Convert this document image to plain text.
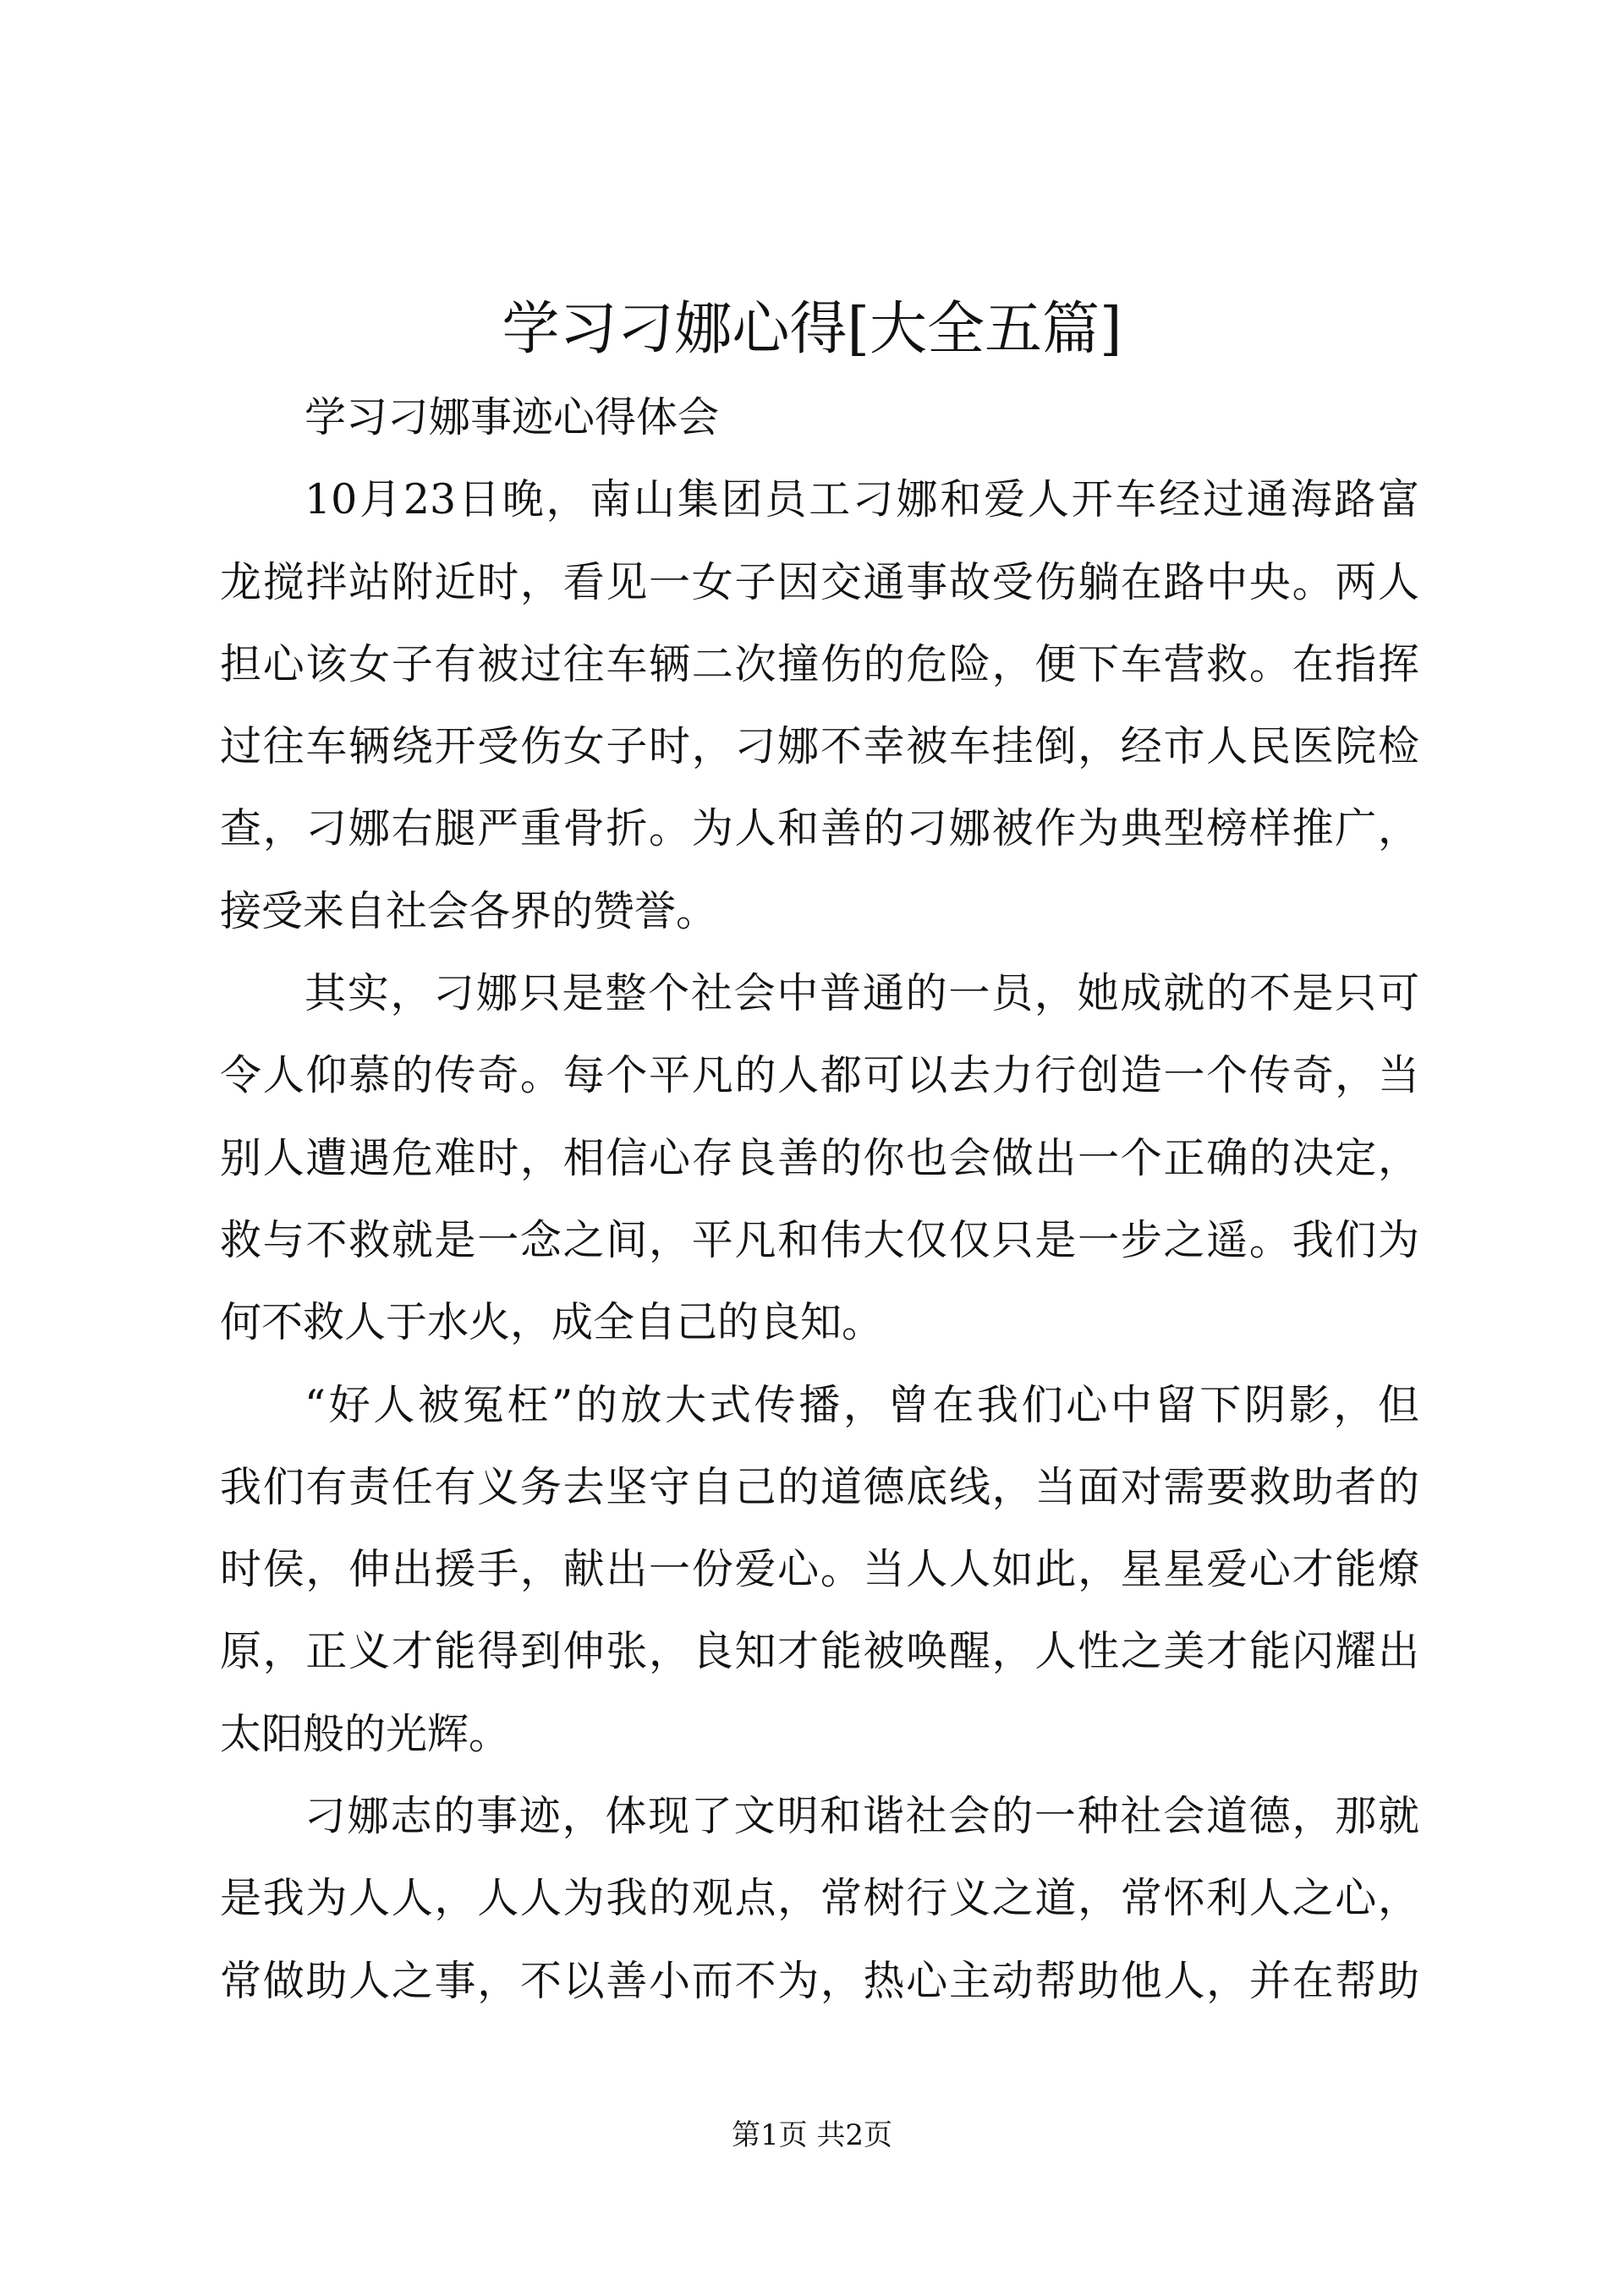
学习刁娜心得[大全五篇]
学习刁娜事迹心得体会
10月23日晚，南山集团员工刁娜和爱人开车经过通海路富
龙搅拌站附近时，看见一女子因交通事故受伤躺在路中央。两人
担心该女子有被过往车辆二次撞伤的危险，便下车营救。在指挥
过往车辆绕开受伤女子时，刁娜不幸被车挂倒，经市人民医院检
查，刁娜右腿严重骨折。为人和善的刁娜被作为典型榜样推广，
接受来自社会各界的赞誉。
其实，刁娜只是整个社会中普通的一员，她成就的不是只可
令人仰慕的传奇。每个平凡的人都可以去力行创造一个传奇，当
别人遭遇危难时，相信心存良善的你也会做出一个正确的决定，
救与不救就是一念之间，平凡和伟大仅仅只是一步之遥。我们为
何不救人于水火，成全自己的良知。
“好人被冤枉”的放大式传播，曾在我们心中留下阴影，但
我们有责任有义务去坚守自己的道德底线，当面对需要救助者的
时侯，伸出援手，献出一份爱心。当人人如此，星星爱心才能燎
原，正义才能得到伸张，良知才能被唤醒，人性之美才能闪耀出
太阳般的光辉。
刁娜志的事迹，体现了文明和谐社会的一种社会道德，那就
是我为人人，人人为我的观点，常树行义之道，常怀利人之心，
常做助人之事，不以善小而不为，热心主动帮助他人，并在帮助
第1页 共2页
